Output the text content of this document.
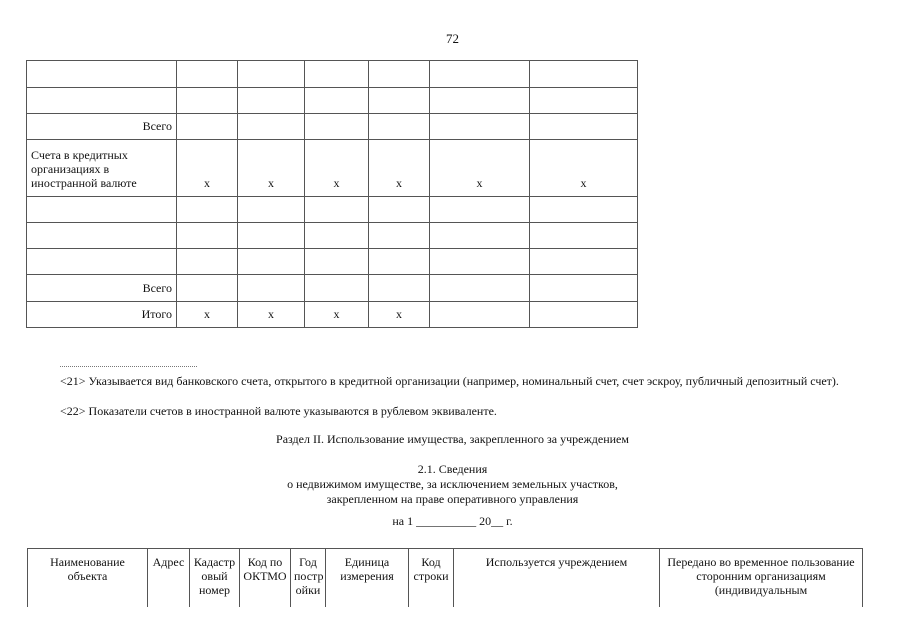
72

Всего						
Счета в кредитных организациях в иностранной валюте	x	x	x	x	x	x

Всего						
Итого	x	x	x	x		
<21> Указывается вид банковского счета, открытого в кредитной организации (например, номинальный счет, счет эскроу, публичный депозитный счет).
<22> Показатели счетов в иностранной валюте указываются в рублевом эквиваленте.
Раздел II. Использование имущества, закрепленного за учреждением
2.1. Сведения
о недвижимом имуществе, за исключением земельных участков,
закрепленном на праве оперативного управления
на 1 __________ 20__ г.
Наименование объекта	Адрес	Кадастр овый номер	Код по ОКТМО	Год постр ойки	Единица измерения	Код строки	Используется учреждением	Передано во временное пользование сторонним организациям (индивидуальным
